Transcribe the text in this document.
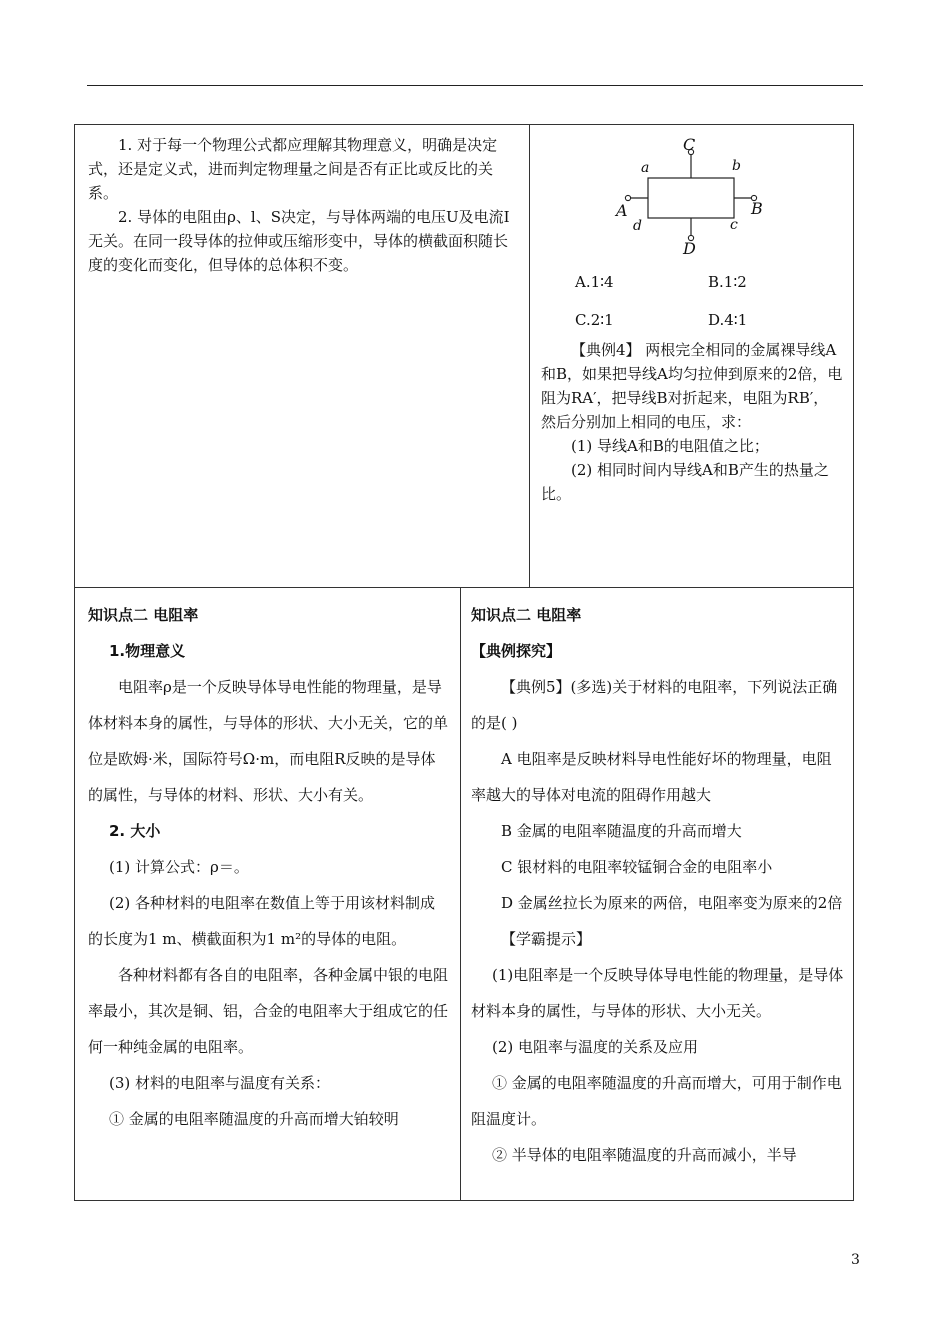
1. 对于每一个物理公式都应理解其物理意义，明确是决定式，还是定义式，进而判定物理量之间是否有正比或反比的关系。

2. 导体的电阻由ρ、l、S决定，与导体两端的电压U及电流I无关。在同一段导体的拉伸或压缩形变中，导体的横截面积随长度的变化而变化，但导体的总体积不变。

C
a	b
A	B
d	c
D
A.1∶4	B.1∶2
C.2∶1	D.4∶1

【典例4】 两根完全相同的金属裸导线A和B，如果把导线A均匀拉伸到原来的2倍，电阻为RA′，把导线B对折起来，电阻为RB′，然后分别加上相同的电压，求：

(1) 导线A和B的电阻值之比；

(2) 相同时间内导线A和B产生的热量之比。

知识点二 电阻率

1.物理意义

电阻率ρ是一个反映导体导电性能的物理量，是导体材料本身的属性，与导体的形状、大小无关，它的单位是欧姆·米，国际符号Ω·m，而电阻R反映的是导体的属性，与导体的材料、形状、大小有关。

2. 大小

(1) 计算公式：ρ＝。

(2) 各种材料的电阻率在数值上等于用该材料制成的长度为1 m、横截面积为1 m²的导体的电阻。

各种材料都有各自的电阻率，各种金属中银的电阻率最小，其次是铜、铝，合金的电阻率大于组成它的任何一种纯金属的电阻率。

(3) 材料的电阻率与温度有关系：

① 金属的电阻率随温度的升高而增大铂较明

知识点二 电阻率

【典例探究】

【典例5】(多选)关于材料的电阻率，下列说法正确的是( )

A 电阻率是反映材料导电性能好坏的物理量，电阻率越大的导体对电流的阻碍作用越大

B 金属的电阻率随温度的升高而增大

C 银材料的电阻率较锰铜合金的电阻率小

D 金属丝拉长为原来的两倍，电阻率变为原来的2倍

【学霸提示】

(1)电阻率是一个反映导体导电性能的物理量，是导体材料本身的属性，与导体的形状、大小无关。

(2) 电阻率与温度的关系及应用

① 金属的电阻率随温度的升高而增大，可用于制作电阻温度计。

② 半导体的电阻率随温度的升高而减小，半导

3
